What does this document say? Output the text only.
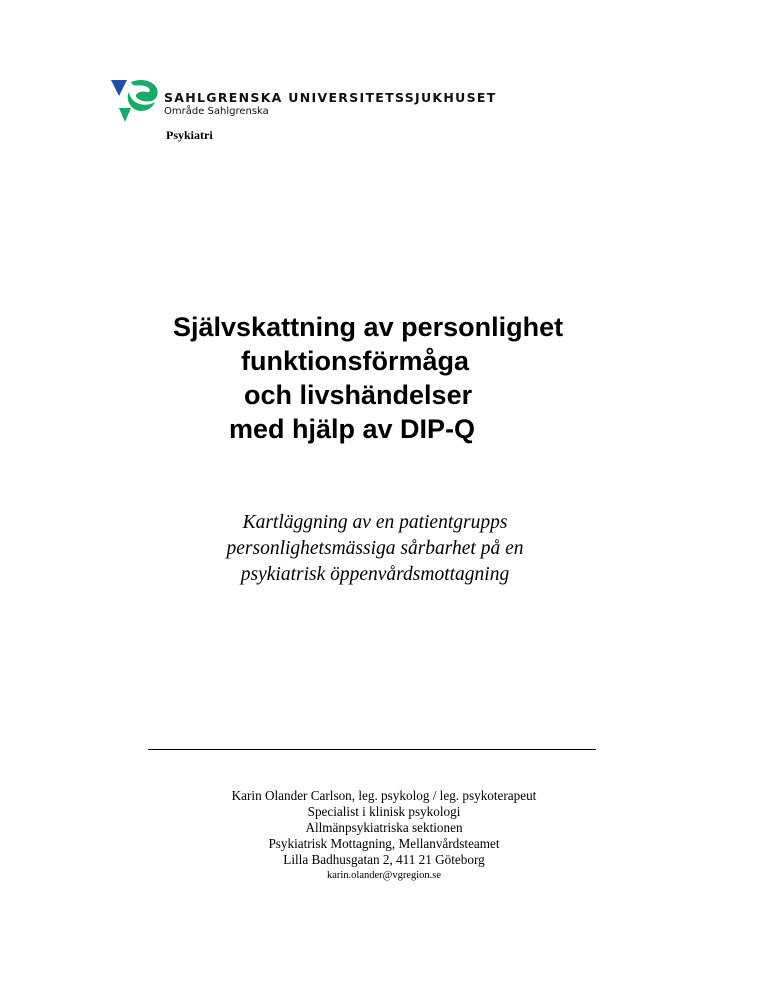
SAHLGRENSKA UNIVERSITETSSJUKHUSET
Område Sahlgrenska
Psykiatri
Självskattning av personlighet
funktionsförmåga
och livshändelser
med hjälp av DIP-Q
Kartläggning av en patientgrupps
personlighetsmässiga sårbarhet på en
psykiatrisk öppenvårdsmottagning
Karin Olander Carlson, leg. psykolog / leg. psykoterapeut
Specialist i klinisk psykologi
Allmänpsykiatriska sektionen
Psykiatrisk Mottagning, Mellanvårdsteamet
Lilla Badhusgatan 2, 411 21 Göteborg
karin.olander@vgregion.se
